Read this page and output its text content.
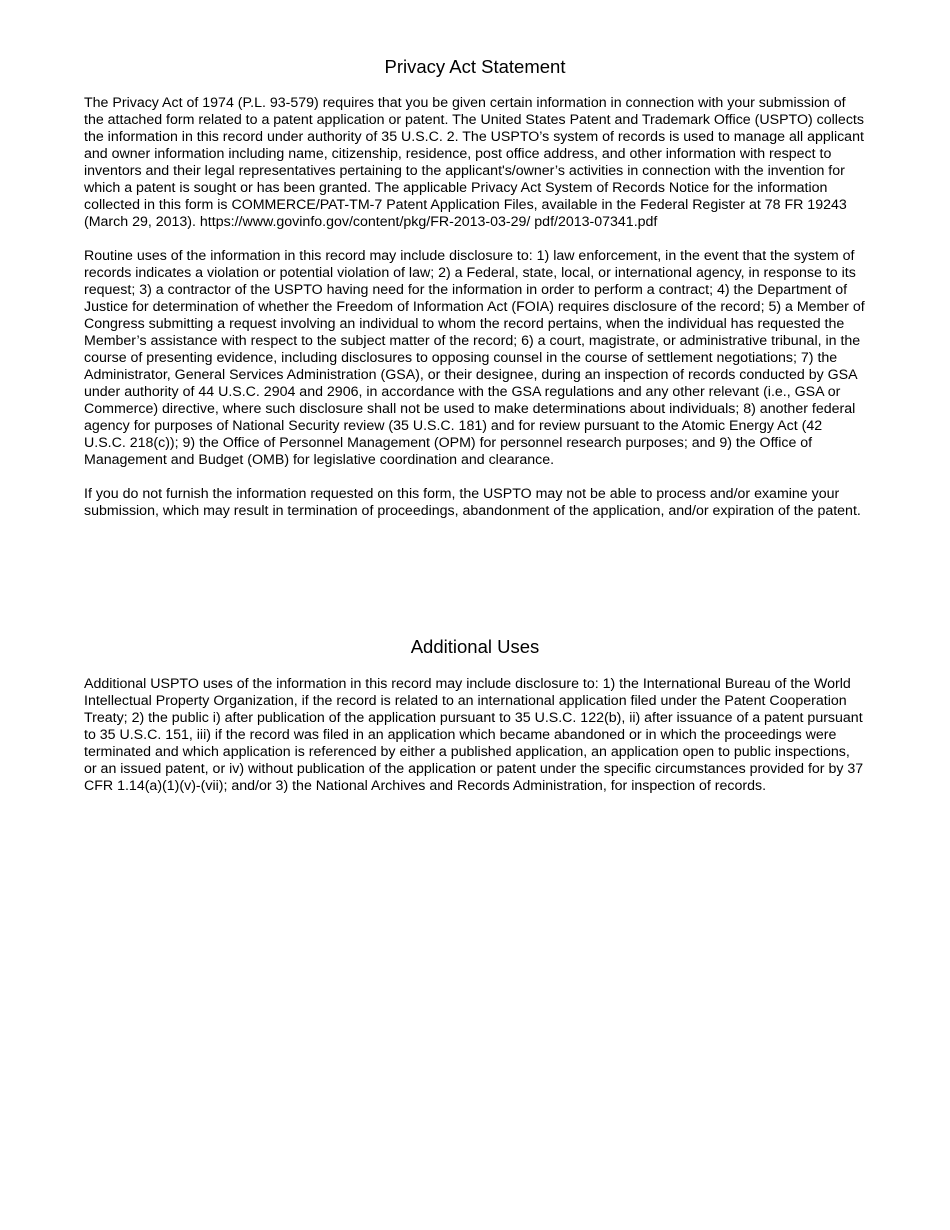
Privacy Act Statement

The Privacy Act of 1974 (P.L. 93-579) requires that you be given certain information in connection with your submission of the attached form related to a patent application or patent. The United States Patent and Trademark Office (USPTO) collects the information in this record under authority of 35 U.S.C. 2. The USPTO’s system of records is used to manage all applicant and owner information including name, citizenship, residence, post office address, and other information with respect to inventors and their legal representatives pertaining to the applicant's/owner’s activities in connection with the invention for which a patent is sought or has been granted. The applicable Privacy Act System of Records Notice for the information collected in this form is COMMERCE/PAT-TM-7 Patent Application Files, available in the Federal Register at 78 FR 19243 (March 29, 2013). https://www.govinfo.gov/content/pkg/FR-2013-03-29/ pdf/2013-07341.pdf

Routine uses of the information in this record may include disclosure to: 1) law enforcement, in the event that the system of records indicates a violation or potential violation of law; 2) a Federal, state, local, or international agency, in response to its request; 3) a contractor of the USPTO having need for the information in order to perform a contract; 4) the Department of Justice for determination of whether the Freedom of Information Act (FOIA) requires disclosure of the record; 5) a Member of Congress submitting a request involving an individual to whom the record pertains, when the individual has requested the Member’s assistance with respect to the subject matter of the record; 6) a court, magistrate, or administrative tribunal, in the course of presenting evidence, including disclosures to opposing counsel in the course of settlement negotiations; 7) the Administrator, General Services Administration (GSA), or their designee, during an inspection of records conducted by GSA under authority of 44 U.S.C. 2904 and 2906, in accordance with the GSA regulations and any other relevant (i.e., GSA or Commerce) directive, where such disclosure shall not be used to make determinations about individuals; 8) another federal agency for purposes of National Security review (35 U.S.C. 181) and for review pursuant to the Atomic Energy Act (42 U.S.C. 218(c)); 9) the Office of Personnel Management (OPM) for personnel research purposes; and 9) the Office of Management and Budget (OMB) for legislative coordination and clearance.

If you do not furnish the information requested on this form, the USPTO may not be able to process and/or examine your submission, which may result in termination of proceedings, abandonment of the application, and/or expiration of the patent.

Additional Uses

Additional USPTO uses of the information in this record may include disclosure to: 1) the International Bureau of the World Intellectual Property Organization, if the record is related to an international application filed under the Patent Cooperation Treaty; 2) the public i) after publication of the application pursuant to 35 U.S.C. 122(b), ii) after issuance of a patent pursuant to 35 U.S.C. 151, iii) if the record was filed in an application which became abandoned or in which the proceedings were terminated and which application is referenced by either a published application, an application open to public inspections, or an issued patent, or iv) without publication of the application or patent under the specific circumstances provided for by 37 CFR 1.14(a)(1)(v)-(vii); and/or 3) the National Archives and Records Administration, for inspection of records.
